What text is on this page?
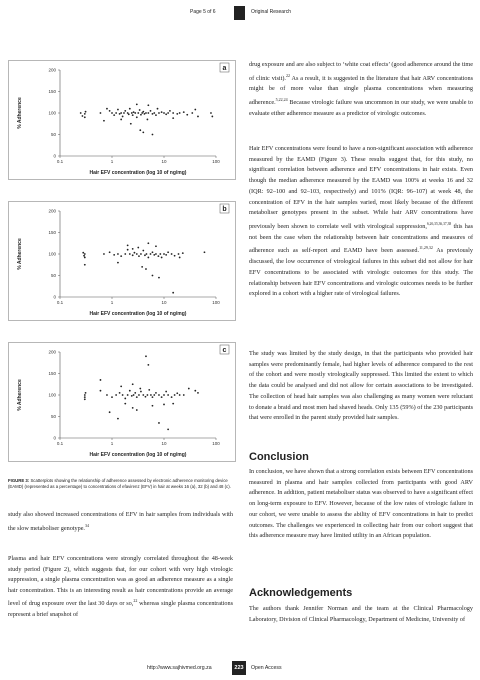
Page 5 of 6	Original Research
0
50
100
150
200
0.1	1	10	100
Hair EFV concentration (log 10 of ng/mg)
% Adherence
a
0
50
100
150
200
0.1	1	10	100
Hair EFV concentration (log 10 of ng/mg)
% Adherence
b
0
50
100
150
200
0.1	1	10	100
Hair EFV concentration (log 10 of ng/mg)
% Adherence
c
FIGURE 3: Scatterplots showing the relationship of adherence assessed by electronic adherence monitoring device (EAMD) (represented as a percentage) to concentrations of efavirenz (EFV) in hair at weeks 16 (a), 32 (b) and 48 (c).

study also showed increased concentrations of EFV in hair samples from individuals with the slow metaboliser genotype.$^{34}$

Plasma and hair EFV concentrations were strongly correlated throughout the 48-week study period (Figure 2), which suggests that, for our cohort with very high virologic suppression, a single plasma concentration was as good an adherence measure as a single hair concentration. This is an interesting result as hair concentrations provide an average level of drug exposure over the last 30 days or so,$^{22}$ whereas single plasma concentrations represent a brief snapshot of

drug exposure and are also subject to ‘white coat effects’ (good adherence around the time of clinic visit).$^{22}$ As a result, it is suggested in the literature that hair ARV concentrations might be of more value than single plasma concentrations when measuring adherence.$^{5,22,24}$ Because virologic failure was uncommon in our study, we were unable to evaluate either adherence measure as a predictor of virologic outcomes.

Hair EFV concentrations were found to have a non-significant association with adherence measured by the EAMD (Figure 3). These results suggest that, for this study, no significant correlation between adherence and EFV concentrations in hair exists. Even though the median adherence measured by the EAMD was 100% at weeks 16 and 32 (IQR: 92–100 and 92–103, respectively) and 101% (IQR: 96–107) at week 48, the concentration of EFV in the hair samples varied, most likely because of the different metaboliser genotypes present in the subset. While hair ARV concentrations have previously been shown to correlate well with virological suppression,$^{6,26,35,36,37,38}$ this has not been the case when the relationship between hair concentrations and measures of adherence such as self-report and EAMD have been assessed.$^{11,29,32}$ As previously discussed, the low occurrence of virological failures in this subset did not allow for hair EFV concentrations to be associated with virologic outcomes for this study. The relationship between hair EFV concentrations and virologic outcomes needs to be further explored in a cohort with a higher rate of virological failures.

The study was limited by the study design, in that the participants who provided hair samples were predominantly female, had higher levels of adherence compared to the rest of the cohort and were mostly virologically suppressed. This limited the extent to which the data could be analysed and did not allow for certain associations to be investigated. The collection of head hair samples was also challenging as many women were reluctant to donate a braid and most men had shaved heads. Only 135 (59%) of the 230 participants that were enrolled in the parent study provided hair samples.

Conclusion

In conclusion, we have shown that a strong correlation exists between EFV concentrations measured in plasma and hair samples collected from participants with good ARV adherence. In addition, patient metaboliser status was observed to have a significant effect on long-term exposure to EFV. However, because of the low rates of virologic failure in our cohort, we were unable to assess the ability of EFV concentrations in hair to predict outcomes. The challenges we experienced in collecting hair from our cohort suggest that this adherence measure may have limited utility in an African population.

Acknowledgements

The authors thank Jennifer Norman and the team at the Clinical Pharmacology Laboratory, Division of Clinical Pharmacology, Department of Medicine, University of

http://www.sajhivmed.org.za	223	Open Access
